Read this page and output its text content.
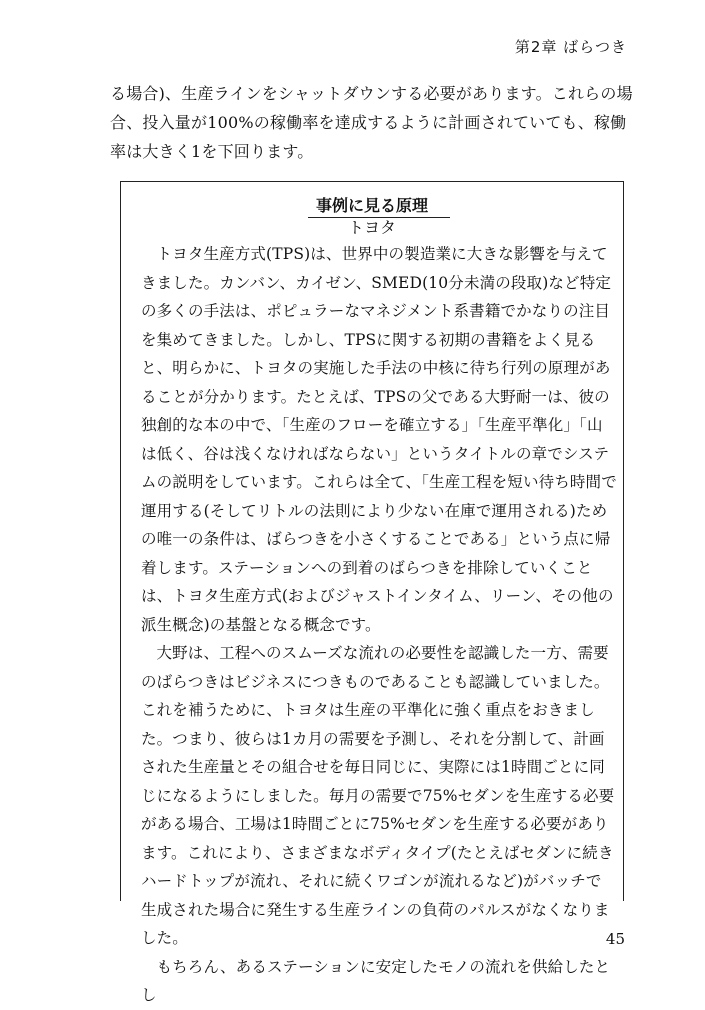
第2章 ばらつき

る場合)、生産ラインをシャットダウンする必要があります。これらの場合、投入量が100%の稼働率を達成するように計画されていても、稼働率は大きく1を下回ります。

事例に見る原理
トヨタ

トヨタ生産方式(TPS)は、世界中の製造業に大きな影響を与えてきました。カンバン、カイゼン、SMED(10分未満の段取)など特定の多くの手法は、ポピュラーなマネジメント系書籍でかなりの注目を集めてきました。しかし、TPSに関する初期の書籍をよく見ると、明らかに、トヨタの実施した手法の中核に待ち行列の原理があることが分かります。たとえば、TPSの父である大野耐一は、彼の独創的な本の中で、「生産のフローを確立する」「生産平準化」「山は低く、谷は浅くなければならない」というタイトルの章でシステムの説明をしています。これらは全て、「生産工程を短い待ち時間で運用する(そしてリトルの法則により少ない在庫で運用される)ための唯一の条件は、ばらつきを小さくすることである」という点に帰着します。ステーションへの到着のばらつきを排除していくことは、トヨタ生産方式(およびジャストインタイム、リーン、その他の派生概念)の基盤となる概念です。

大野は、工程へのスムーズな流れの必要性を認識した一方、需要のばらつきはビジネスにつきものであることも認識していました。これを補うために、トヨタは生産の平準化に強く重点をおきました。つまり、彼らは1カ月の需要を予測し、それを分割して、計画された生産量とその組合せを毎日同じに、実際には1時間ごとに同じになるようにしました。毎月の需要で75%セダンを生産する必要がある場合、工場は1時間ごとに75%セダンを生産する必要があります。これにより、さまざまなボディタイプ(たとえばセダンに続きハードトップが流れ、それに続くワゴンが流れるなど)がバッチで生成された場合に発生する生産ラインの負荷のパルスがなくなりました。

もちろん、あるステーションに安定したモノの流れを供給したとし

45
